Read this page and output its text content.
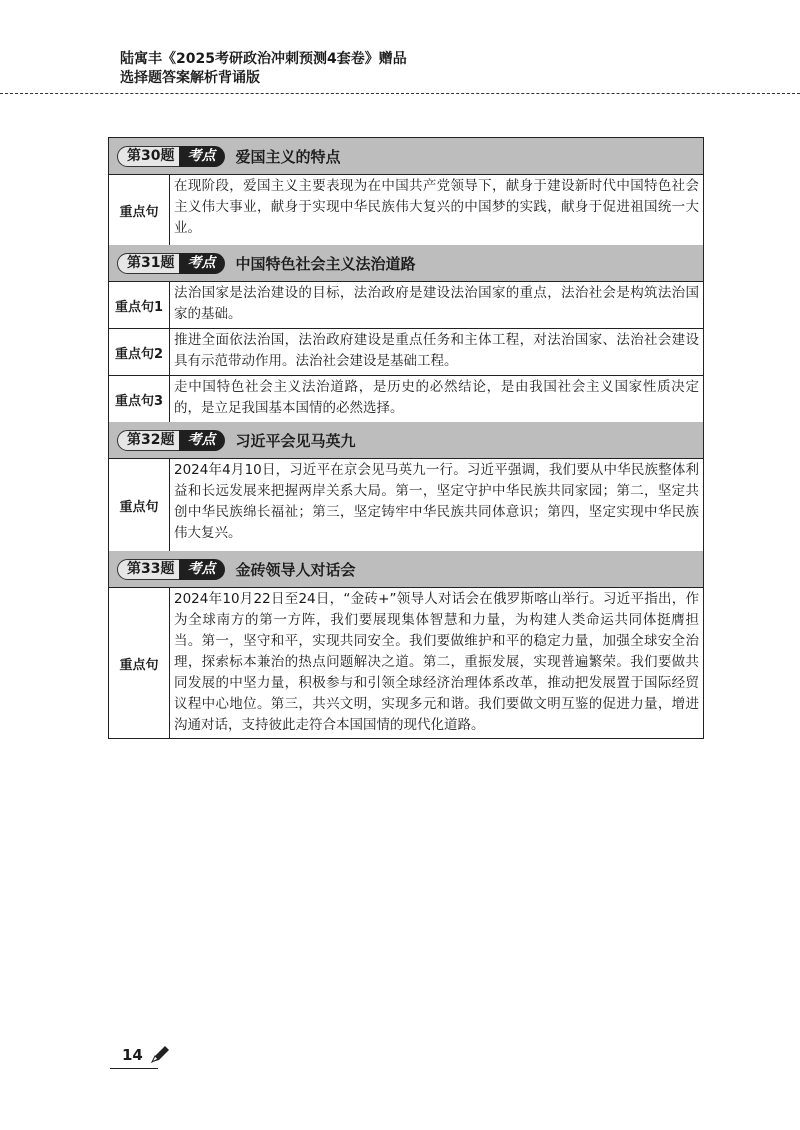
陆寓丰《2025考研政治冲刺预测4套卷》赠品
选择题答案解析背诵版
第30题 考点	爱国主义的特点
重点句
在现阶段，爱国主义主要表现为在中国共产党领导下，献身于建设新时代中国特色社会主义伟大事业，献身于实现中华民族伟大复兴的中国梦的实践，献身于促进祖国统一大业。
第31题 考点	中国特色社会主义法治道路
重点句1
法治国家是法治建设的目标，法治政府是建设法治国家的重点，法治社会是构筑法治国家的基础。
重点句2
推进全面依法治国，法治政府建设是重点任务和主体工程，对法治国家、法治社会建设具有示范带动作用。法治社会建设是基础工程。
重点句3
走中国特色社会主义法治道路，是历史的必然结论，是由我国社会主义国家性质决定的，是立足我国基本国情的必然选择。
第32题 考点	习近平会见马英九
重点句
2024年4月10日，习近平在京会见马英九一行。习近平强调，我们要从中华民族整体利益和长远发展来把握两岸关系大局。第一，坚定守护中华民族共同家园；第二，坚定共创中华民族绵长福祉；第三，坚定铸牢中华民族共同体意识；第四，坚定实现中华民族伟大复兴。
第33题 考点	金砖领导人对话会
重点句
2024年10月22日至24日，“金砖+”领导人对话会在俄罗斯喀山举行。习近平指出，作为全球南方的第一方阵，我们要展现集体智慧和力量，为构建人类命运共同体挺膺担当。第一，坚守和平，实现共同安全。我们要做维护和平的稳定力量，加强全球安全治理，探索标本兼治的热点问题解决之道。第二，重振发展，实现普遍繁荣。我们要做共同发展的中坚力量，积极参与和引领全球经济治理体系改革，推动把发展置于国际经贸议程中心地位。第三，共兴文明，实现多元和谐。我们要做文明互鉴的促进力量，增进沟通对话，支持彼此走符合本国国情的现代化道路。
14
